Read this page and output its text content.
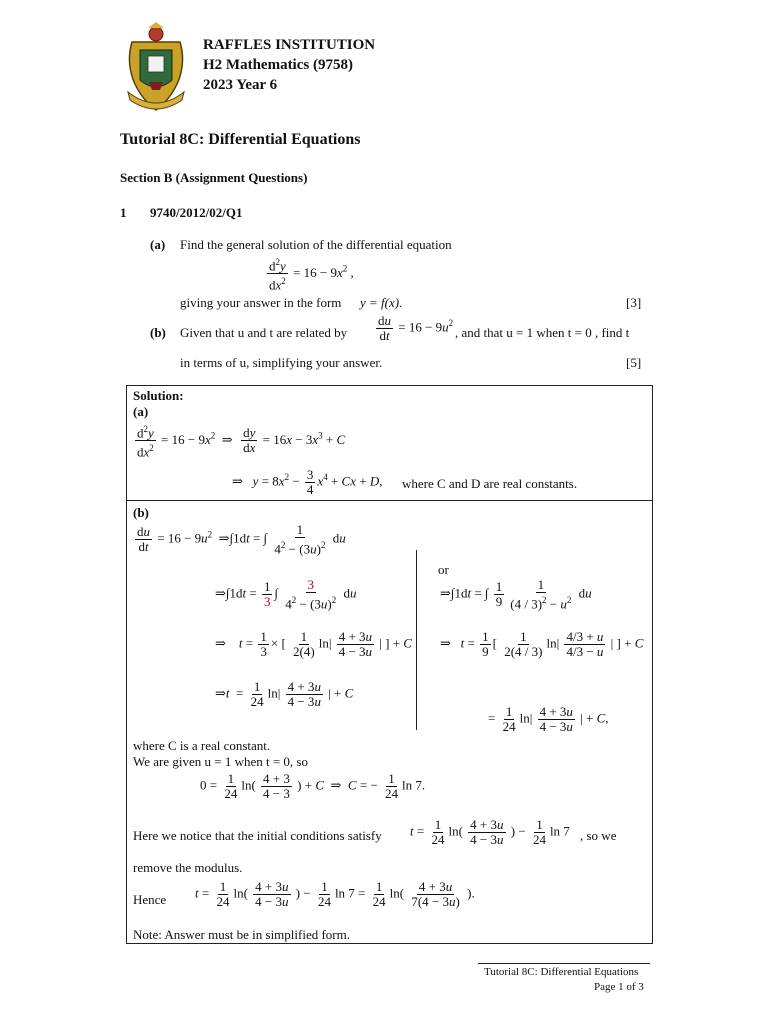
RAFFLES INSTITUTION
H2 Mathematics (9758)
2023 Year 6
Tutorial 8C: Differential Equations
Section B (Assignment Questions)
1 9740/2012/02/Q1
(a) Find the general solution of the differential equation
$\frac{d^2y}{dx^2} = 16 - 9x^2$ ,
giving your answer in the form y = f(x).	[3]
(b) Given that u and t are related by $\frac{du}{dt} = 16 - 9u^2$
, and that u = 1 when t = 0 , find t
in terms of u, simplifying your answer.	[5]
Solution:
(a)
$\frac{d^2y}{dx^2} = 16 - 9x^2$  ⇒ $\frac{dy}{dx} = 16x - 3x^3 + C$
⇒   $y = 8x^2 - \frac{3}{4} x^4 + Cx + D$, where C and D are real constants.
(b)
$\frac{du}{dt} = 16 - 9u^2$  ⇒∫1dt = ∫ $\frac{1}{4^2 - (3u)^2}$ du
or
⇒∫1dt = $\frac{1}{3}$ ∫ $\frac{3}{4^2 - (3u)^2}$ du	⇒∫1dt = ∫ $\frac{1}{9} \frac{1}{(4 / 3)^2 - u^2}$ du
⇒    $t = \frac{1}{3}$ × [ $\frac{1}{2(4)} \ln| \frac{4 + 3u}{4 - 3u}$ | ] + C ⇒   $t = \frac{1}{9}$ [ $\frac{1}{2(4 / 3)} \ln| \frac{4/3 + u}{4/3 - u}$ | ] + C
⇒t  = $\frac{1}{24} \ln| \frac{4 + 3u}{4 - 3u}$ | + C
= $\frac{1}{24} \ln| \frac{4 + 3u}{4 - 3u}$ | + C,
where C is a real constant.
We are given u = 1 when t = 0, so
$0 = \frac{1}{24} \ln( \frac{4 + 3}{4 - 3}$ ) + C  ⇒  C = − $\frac{1}{24}$ ln 7.
Here we notice that the initial conditions satisfy $t = \frac{1}{24} \ln( \frac{4 + 3u}{4 - 3u}$ ) − $\frac{1}{24}$ ln 7 , so we
remove the modulus.
Hence $t = \frac{1}{24} \ln( \frac{4 + 3u}{4 - 3u}$ ) − $\frac{1}{24}$ $\ln 7 = \frac{1}{24} \ln( \frac{4 + 3u}{7(4 - 3u)}$ ).
Note: Answer must be in simplified form.
Tutorial 8C: Differential Equations
Page 1 of 3
